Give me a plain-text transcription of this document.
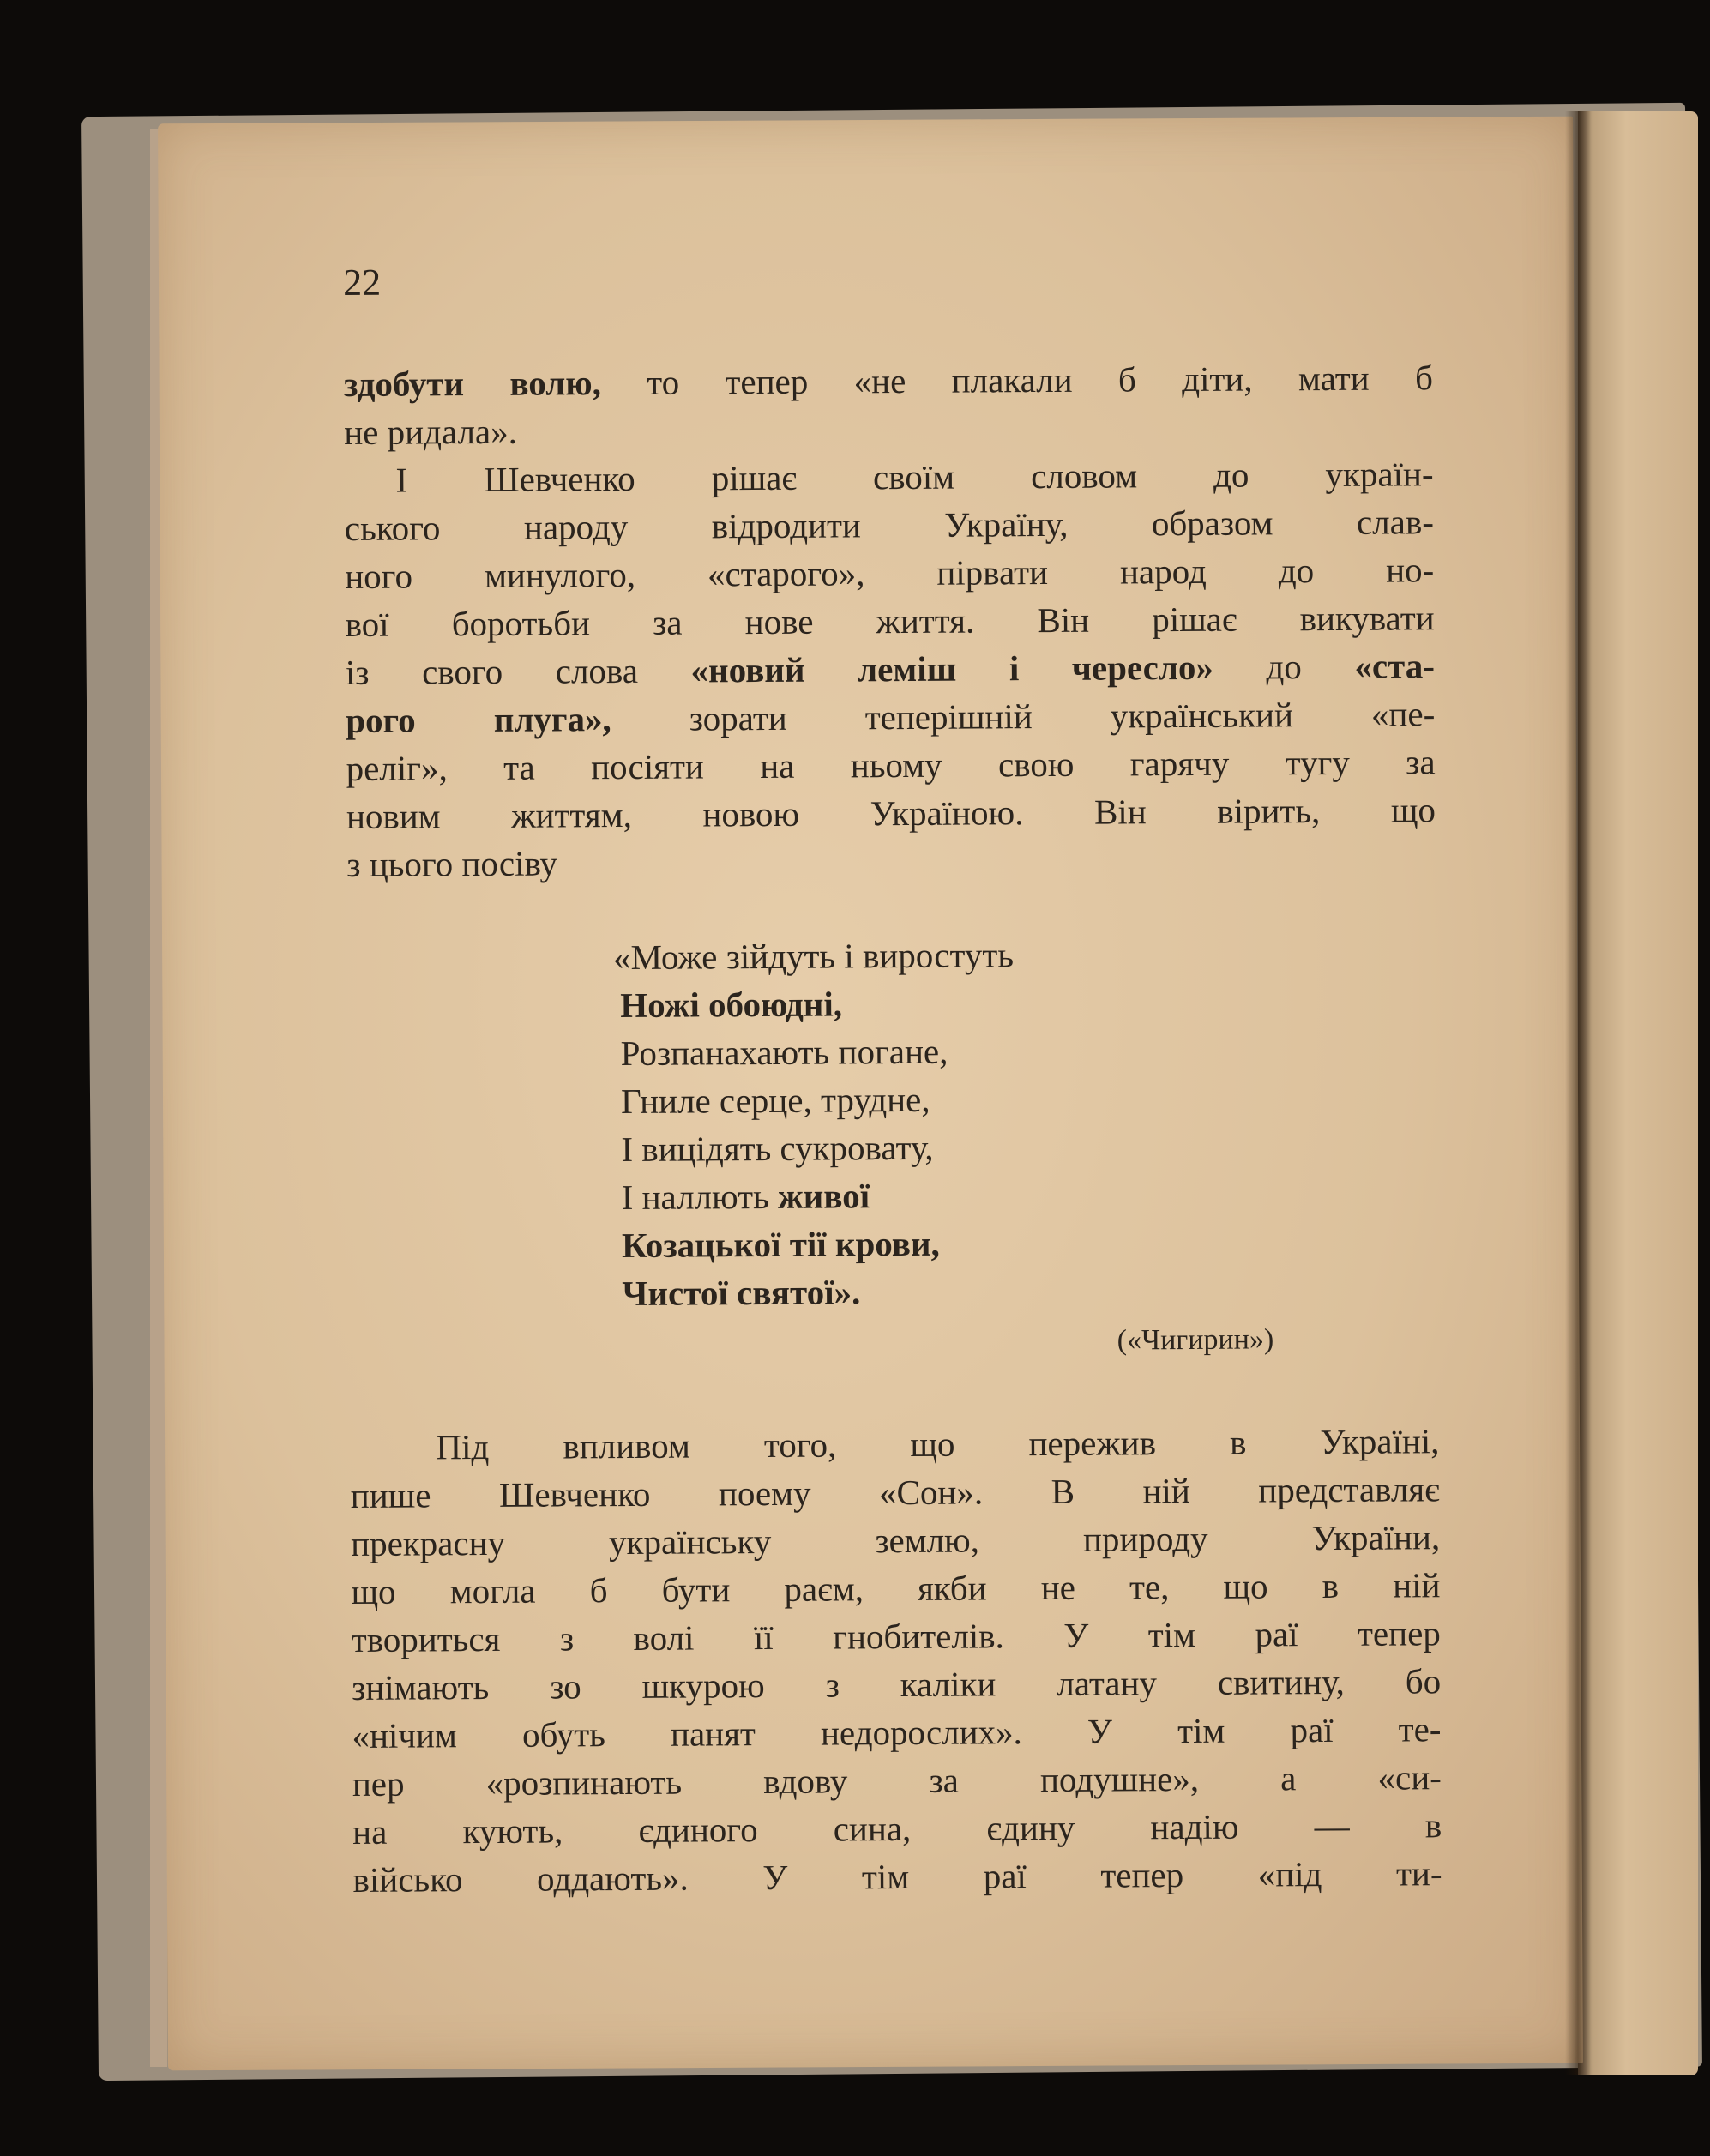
22
здобути волю, то тепер «не плакали б діти, мати б
не ридала».
І Шевченко рішає своїм словом до україн-
ського народу відродити Україну, образом слав-
ного минулого, «старого», пірвати народ до но-
вої боротьби за нове життя. Він рішає викувати
із свого слова «новий леміш і чересло» до «ста-
рого плуга», зорати теперішній український «пе-
реліг», та посіяти на ньому свою гарячу тугу за
новим життям, новою Україною. Він вірить, що
з цього посіву
«Може зійдуть і виростуть
Ножі обоюдні,
Розпанахають погане,
Гниле серце, трудне,
І вицідять сукровату,
І наллють живої
Козацької тії крови,
Чистої святої».
(«Чигирин»)
Під впливом того, що пережив в Україні,
пише Шевченко поему «Сон». В ній представляє
прекрасну українську землю, природу України,
що могла б бути раєм, якби не те, що в ній
твориться з волі її гнобителів. У тім раї тепер
знімають зо шкурою з каліки латану свитину, бо
«нічим обуть панят недорослих». У тім раї те-
пер «розпинають вдову за подушне», а «си-
на кують, єдиного сина, єдину надію — в
військо оддають». У тім раї тепер «під ти-
